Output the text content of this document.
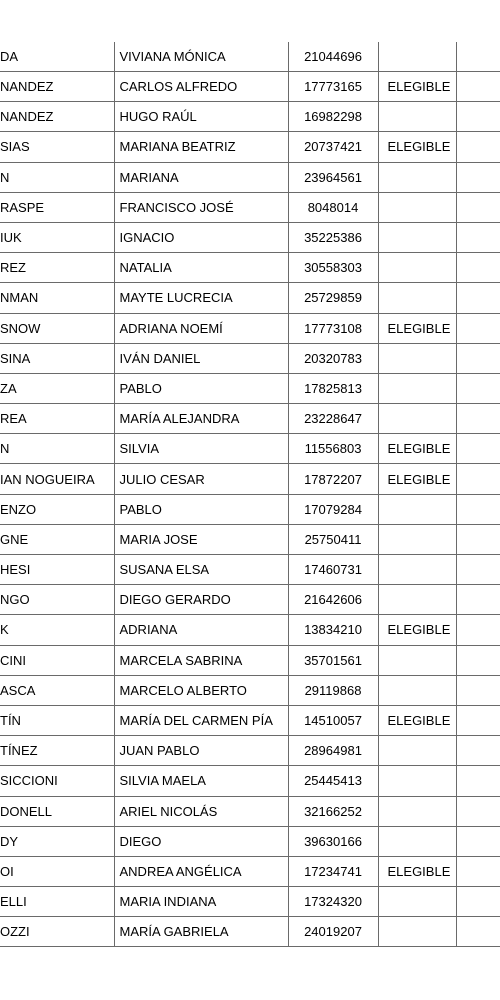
DA	VIVIANA MÓNICA	21044696		
NANDEZ	CARLOS ALFREDO	17773165	ELEGIBLE	
NANDEZ	HUGO RAÚL	16982298		
SIAS	MARIANA BEATRIZ	20737421	ELEGIBLE	
N	MARIANA	23964561		
RASPE	FRANCISCO JOSÉ	8048014		
IUK	IGNACIO	35225386		
REZ	NATALIA	30558303		
NMAN	MAYTE LUCRECIA	25729859		
SNOW	ADRIANA NOEMÍ	17773108	ELEGIBLE	
SINA	IVÁN DANIEL	20320783		
ZA	PABLO	17825813		
REA	MARÍA ALEJANDRA	23228647		
N	SILVIA	11556803	ELEGIBLE	
IAN NOGUEIRA	JULIO CESAR	17872207	ELEGIBLE	
ENZO	PABLO	17079284		
GNE	MARIA JOSE	25750411		
HESI	SUSANA ELSA	17460731		
NGO	DIEGO GERARDO	21642606		
K	ADRIANA	13834210	ELEGIBLE	
CINI	MARCELA SABRINA	35701561		
ASCA	MARCELO ALBERTO	29119868		
TÍN	MARÍA DEL CARMEN PÍA	14510057	ELEGIBLE	
TÍNEZ	JUAN PABLO	28964981		
SICCIONI	SILVIA MAELA	25445413		
DONELL	ARIEL NICOLÁS	32166252		
DY	DIEGO	39630166		
OI	ANDREA ANGÉLICA	17234741	ELEGIBLE	
ELLI	MARIA INDIANA	17324320		
OZZI	MARÍA GABRIELA	24019207		
